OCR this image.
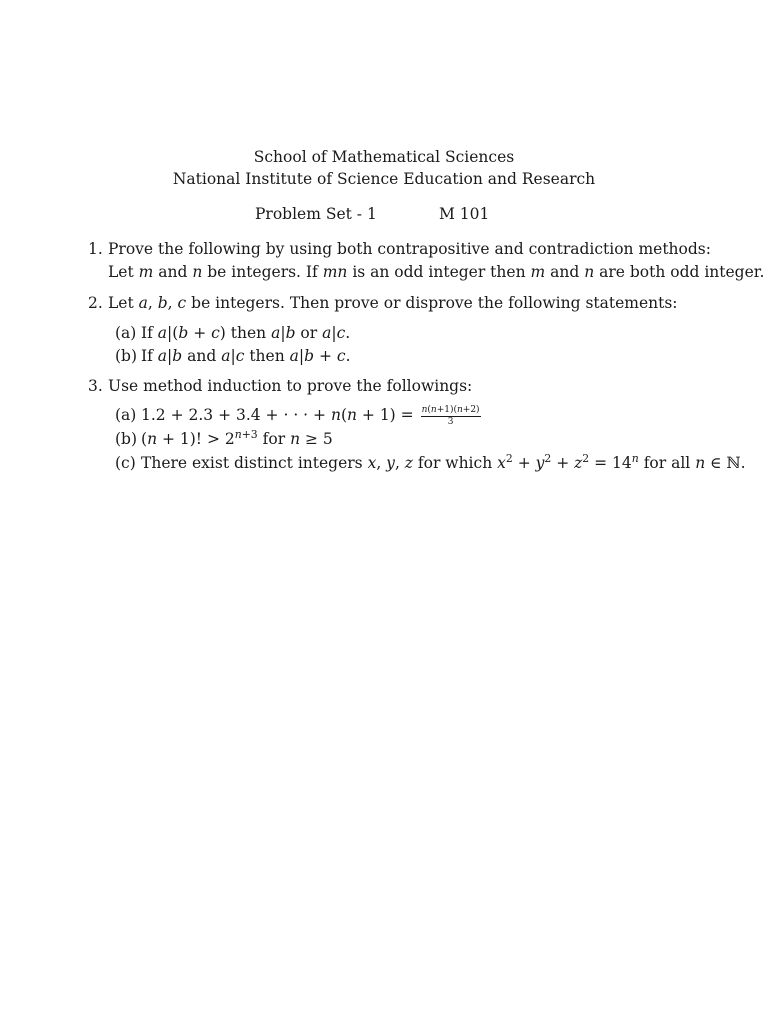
School of Mathematical Sciences
National Institute of Science Education and Research
Problem Set - 1	M 101
1. Prove the following by using both contrapositive and contradiction methods:
Let m and n be integers. If mn is an odd integer then m and n are both odd integer.
2. Let a, b, c be integers. Then prove or disprove the following statements:
(a) If a|(b + c) then a|b or a|c.
(b) If a|b and a|c then a|b + c.
3. Use method induction to prove the followings:
(a) 1.2 + 2.3 + 3.4 + · · · + $n(n + 1) = \frac{n(n+1)(n+2)}{3}$
(b) (n + 1)! > $2^{n+3}$ for n ≥ 5
(c) There exist distinct integers x, y, z for which $x^2 + y^2 + z^2 = 14^n$ for all n ∈ ℕ.
